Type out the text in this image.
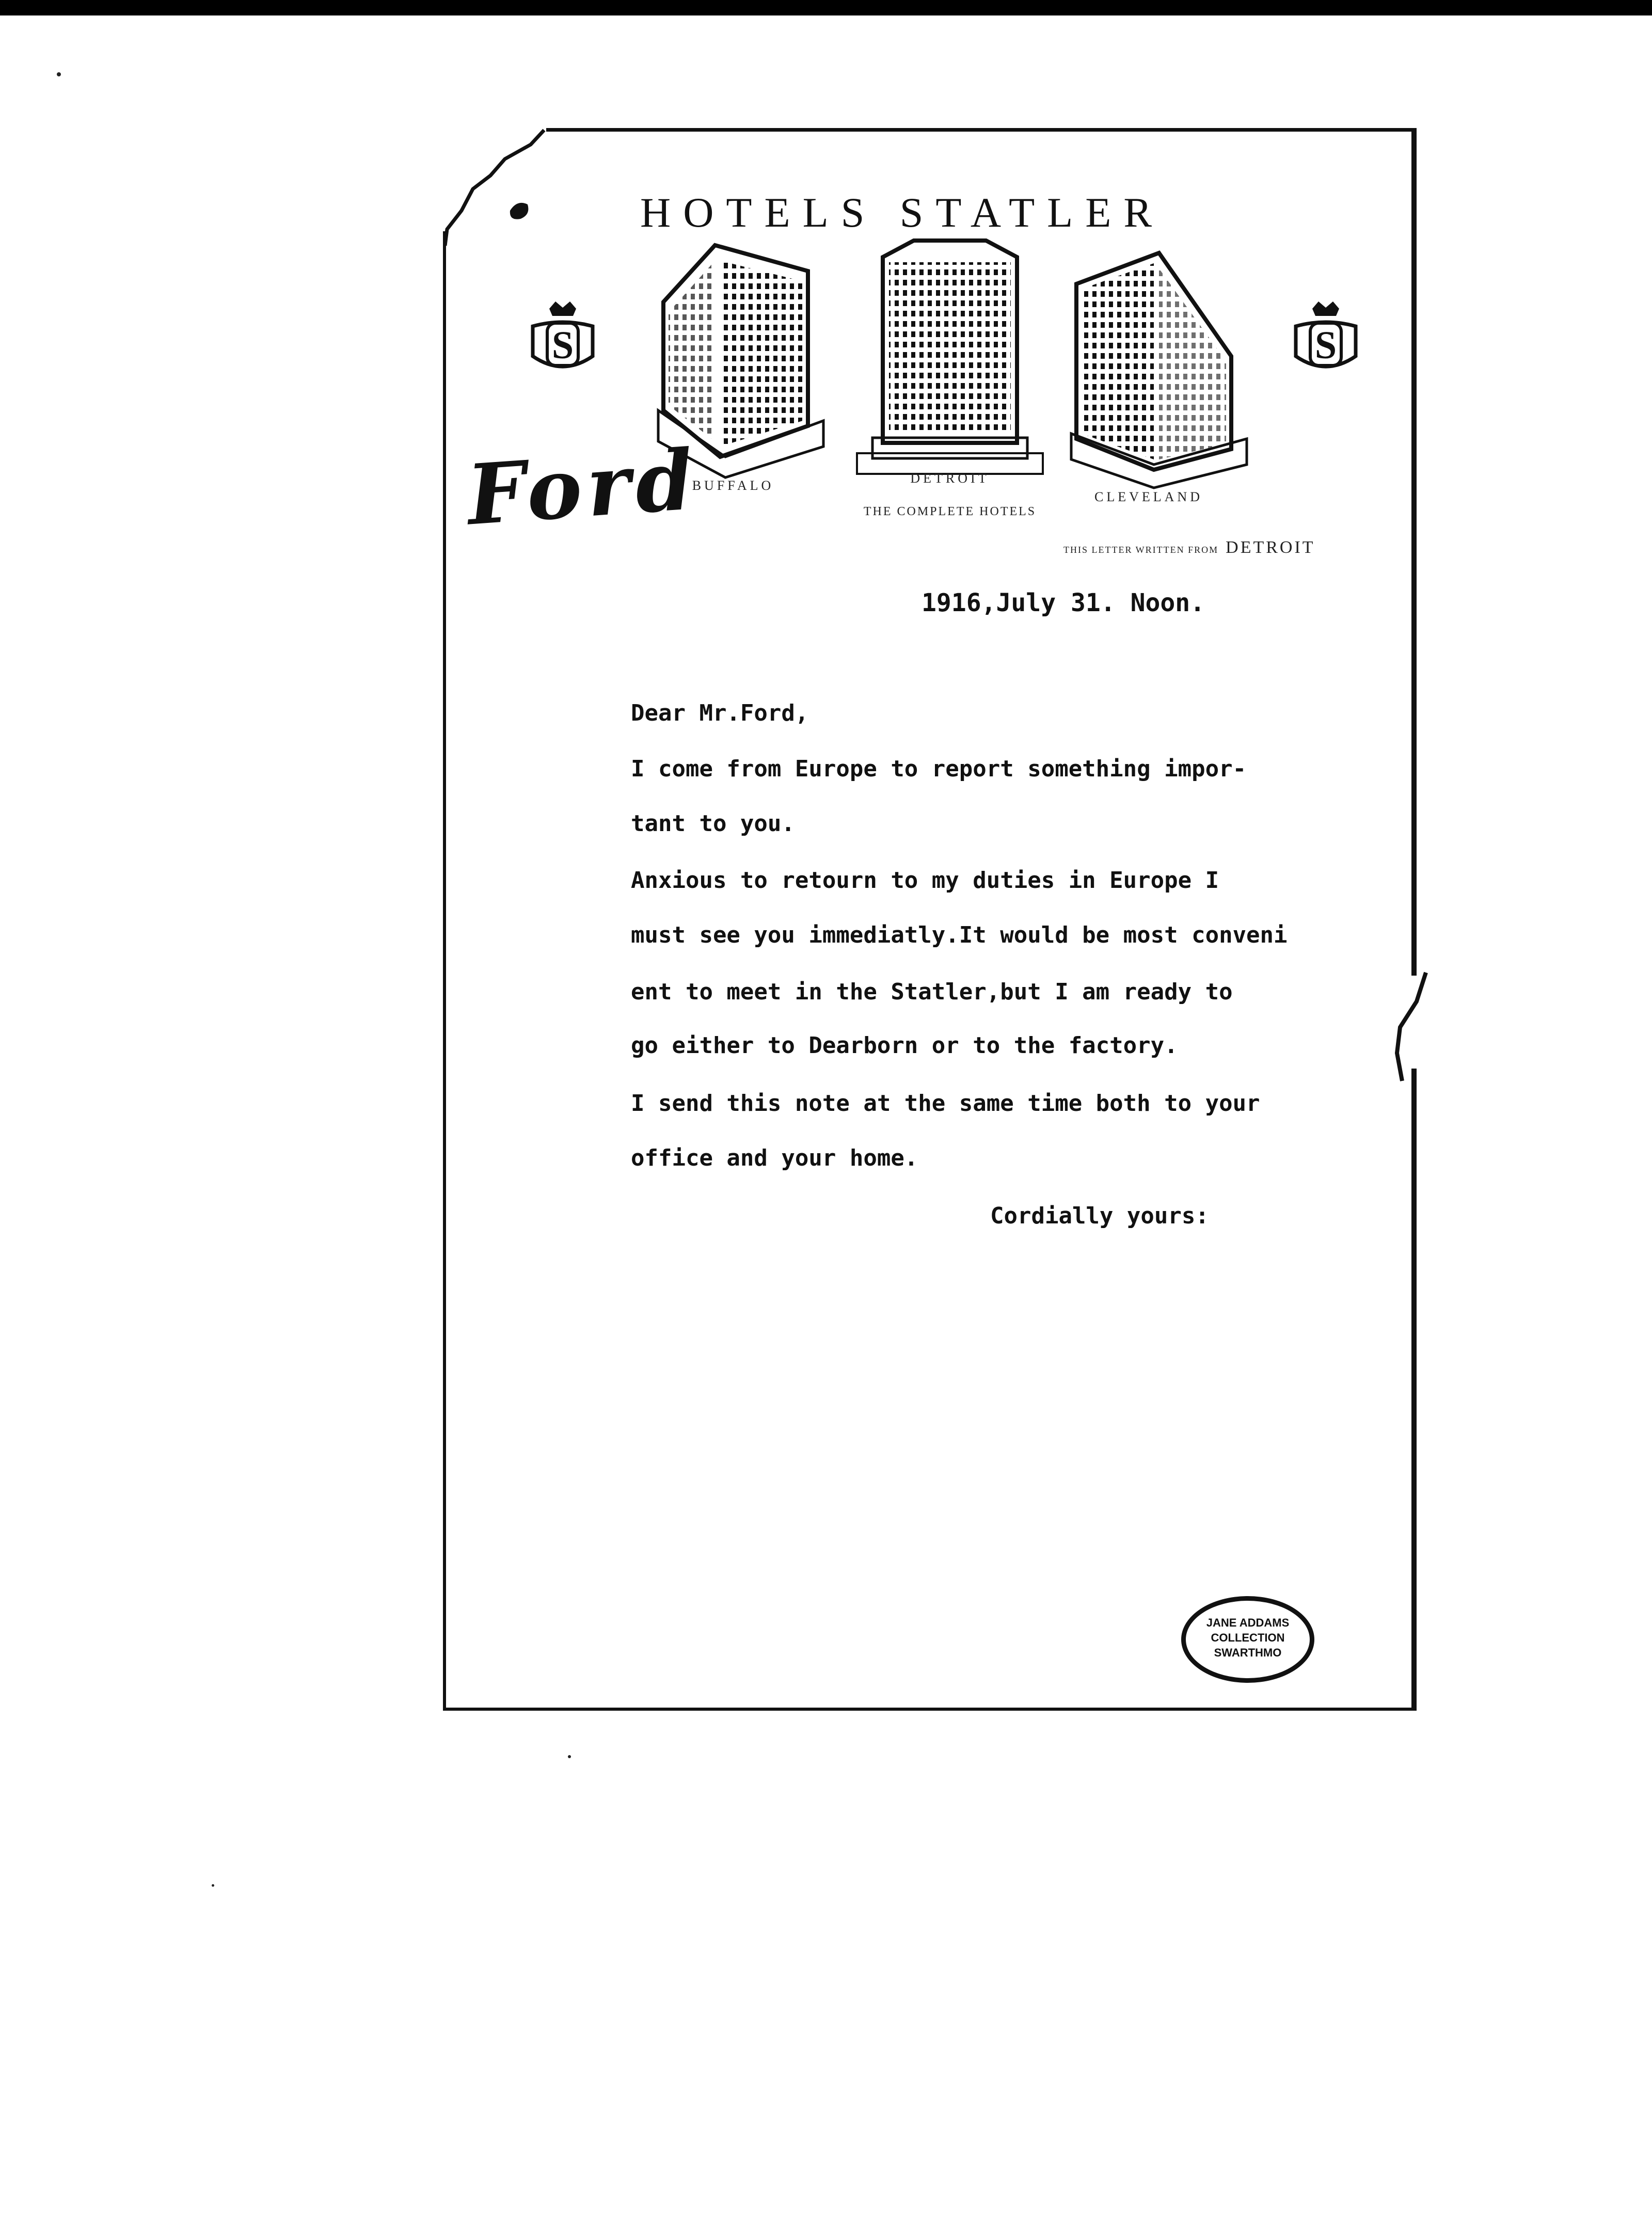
HOTELS STATLER
S	S
BUFFALO	DETROIT
CLEVELAND
THE COMPLETE HOTELS
THIS LETTER WRITTEN FROM DETROIT
Ford
1916,July 31. Noon.
Dear Mr.Ford,
I come from Europe to report something impor-
tant to you.
Anxious to retourn to my duties in Europe I
must see you immediatly.It would be most conveni
ent to meet in the Statler,but I am ready to
go either to Dearborn or to the factory.
I send this note at the same time both to your
office and your home.
Cordially yours:
JANE ADDAMS
COLLECTION
SWARTHMO
